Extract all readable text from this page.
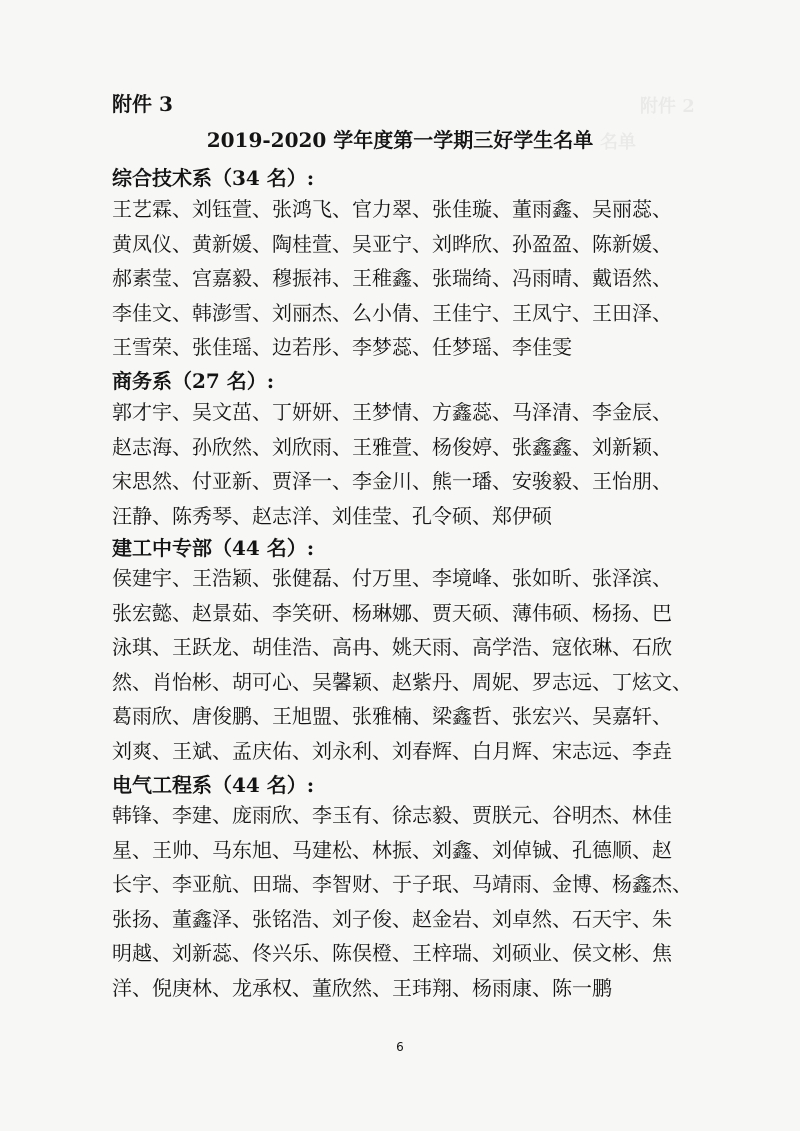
附件 2
名单
附件 3
2019-2020 学年度第一学期三好学生名单
综合技术系（34 名）:
王艺霖、刘钰萱、张鸿飞、官力翠、张佳璇、董雨鑫、吴丽蕊、
黄凤仪、黄新媛、陶桂萱、吴亚宁、刘晔欣、孙盈盈、陈新媛、
郝素莹、宫嘉毅、穆振祎、王稚鑫、张瑞绮、冯雨晴、戴语然、
李佳文、韩澎雪、刘丽杰、么小倩、王佳宁、王凤宁、王田泽、
王雪荣、张佳瑶、边若彤、李梦蕊、任梦瑶、李佳雯
商务系（27 名）:
郭才宇、吴文茁、丁妍妍、王梦情、方鑫蕊、马泽清、李金辰、
赵志海、孙欣然、刘欣雨、王雅萱、杨俊婷、张鑫鑫、刘新颖、
宋思然、付亚新、贾泽一、李金川、熊一璠、安骏毅、王怡朋、
汪静、陈秀琴、赵志洋、刘佳莹、孔令硕、郑伊硕
建工中专部（44 名）:
侯建宇、王浩颖、张健磊、付万里、李境峰、张如昕、张泽滨、
张宏懿、赵景茹、李笑研、杨琳娜、贾天硕、薄伟硕、杨扬、巴
泳琪、王跃龙、胡佳浩、高冉、姚天雨、高学浩、寇依琳、石欣
然、肖怡彬、胡可心、吴馨颖、赵紫丹、周妮、罗志远、丁炫文、
葛雨欣、唐俊鹏、王旭盟、张雅楠、梁鑫哲、张宏兴、吴嘉轩、
刘爽、王斌、孟庆佑、刘永利、刘春辉、白月辉、宋志远、李垚
电气工程系（44 名）:
韩锋、李建、庞雨欣、李玉有、徐志毅、贾朕元、谷明杰、林佳
星、王帅、马东旭、马建松、林振、刘鑫、刘倬铖、孔德顺、赵
长宇、李亚航、田瑞、李智财、于子珉、马靖雨、金博、杨鑫杰、
张扬、董鑫泽、张铭浩、刘子俊、赵金岩、刘卓然、石天宇、朱
明越、刘新蕊、佟兴乐、陈俣橙、王梓瑞、刘硕业、侯文彬、焦
洋、倪庚林、龙承权、董欣然、王玮翔、杨雨康、陈一鹏
6
